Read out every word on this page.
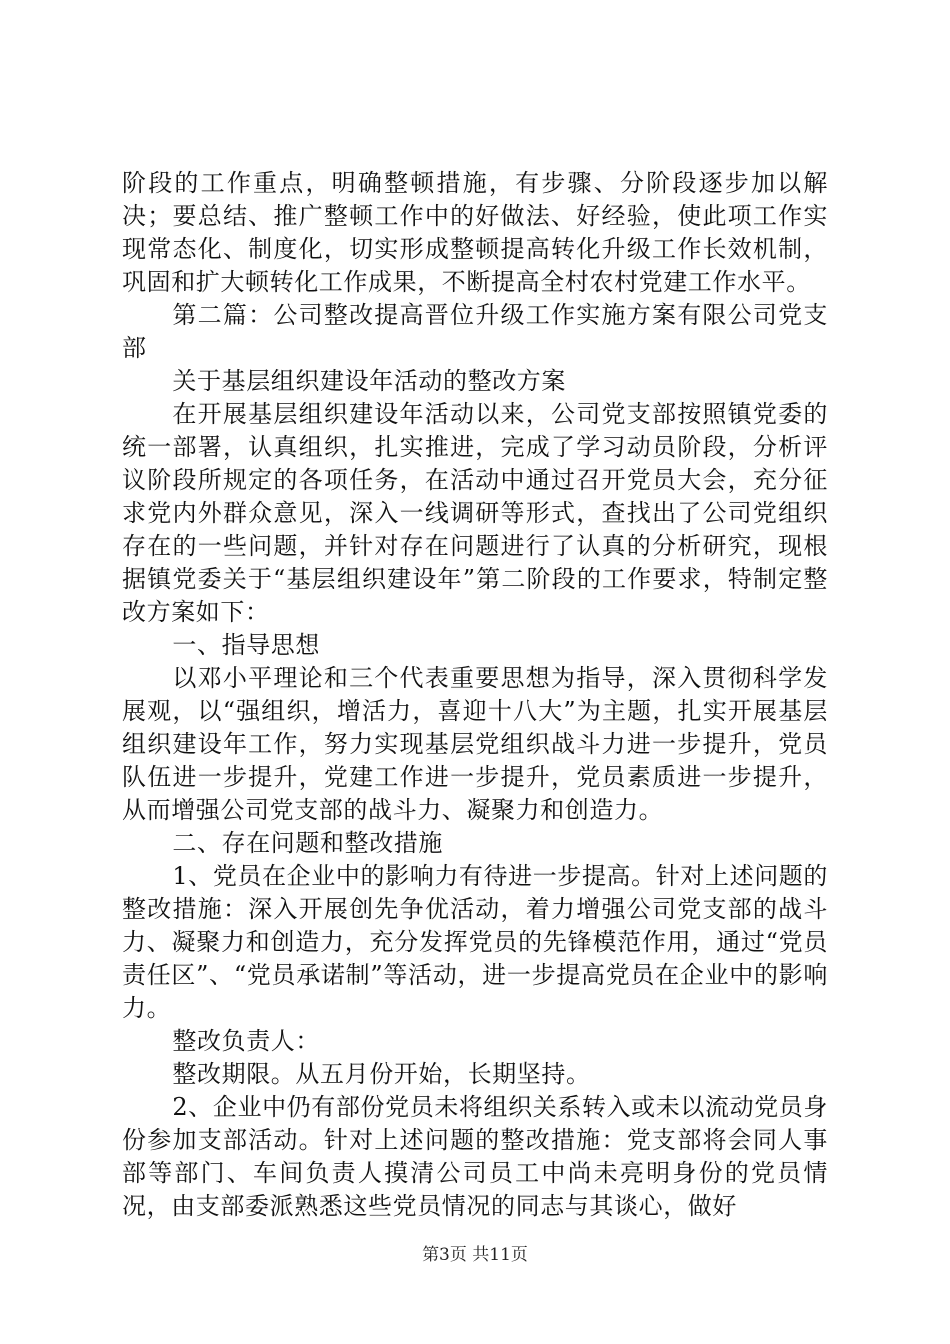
阶段的工作重点，明确整顿措施，有步骤、分阶段逐步加以解决；要总结、推广整顿工作中的好做法、好经验，使此项工作实现常态化、制度化，切实形成整顿提高转化升级工作长效机制，巩固和扩大顿转化工作成果，不断提高全村农村党建工作水平。

第二篇：公司整改提高晋位升级工作实施方案有限公司党支部

关于基层组织建设年活动的整改方案

在开展基层组织建设年活动以来，公司党支部按照镇党委的统一部署，认真组织，扎实推进，完成了学习动员阶段，分析评议阶段所规定的各项任务，在活动中通过召开党员大会，充分征求党内外群众意见，深入一线调研等形式，查找出了公司党组织存在的一些问题，并针对存在问题进行了认真的分析研究，现根据镇党委关于“基层组织建设年”第二阶段的工作要求，特制定整改方案如下：

一、指导思想

以邓小平理论和三个代表重要思想为指导，深入贯彻科学发展观，以“强组织，增活力，喜迎十八大”为主题，扎实开展基层组织建设年工作，努力实现基层党组织战斗力进一步提升，党员队伍进一步提升，党建工作进一步提升，党员素质进一步提升，从而增强公司党支部的战斗力、凝聚力和创造力。

二、存在问题和整改措施

1、党员在企业中的影响力有待进一步提高。针对上述问题的整改措施：深入开展创先争优活动，着力增强公司党支部的战斗力、凝聚力和创造力，充分发挥党员的先锋模范作用，通过“党员责任区”、“党员承诺制”等活动，进一步提高党员在企业中的影响力。

整改负责人：

整改期限。从五月份开始，长期坚持。

2、企业中仍有部份党员未将组织关系转入或未以流动党员身份参加支部活动。针对上述问题的整改措施：党支部将会同人事部等部门、车间负责人摸清公司员工中尚未亮明身份的党员情况，由支部委派熟悉这些党员情况的同志与其谈心，做好

第3页 共11页
